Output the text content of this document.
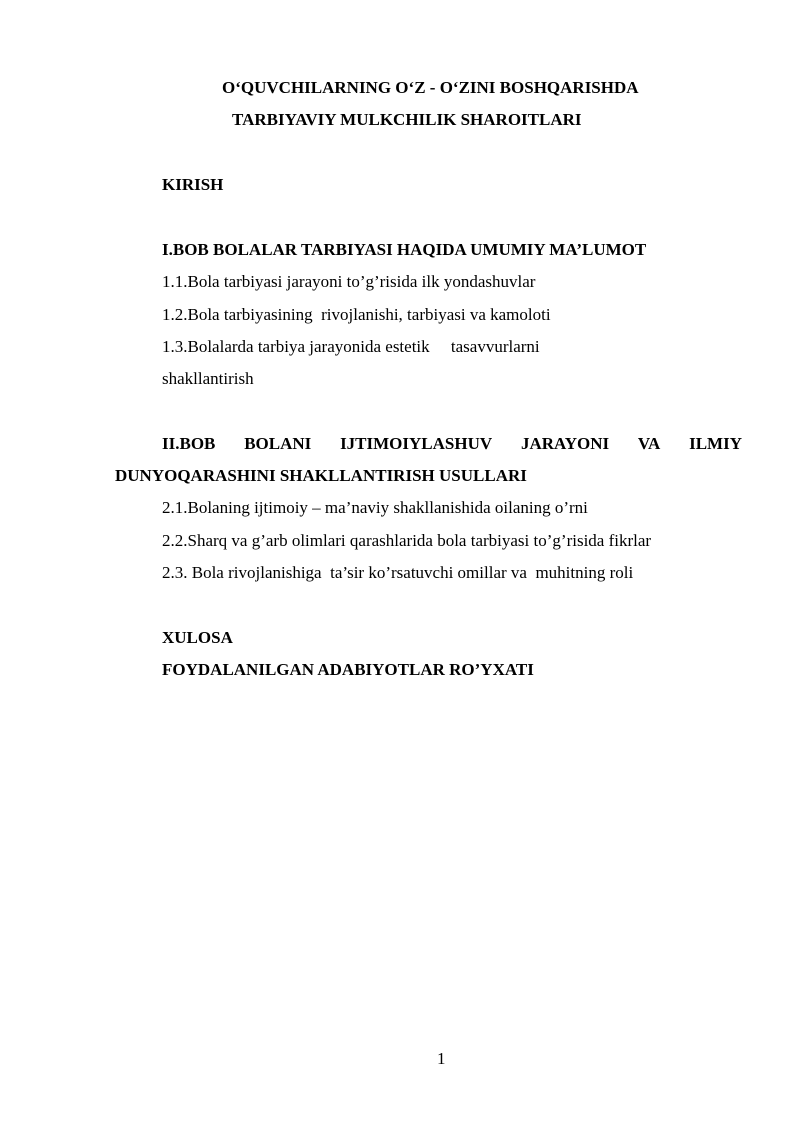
O‘QUVCHILARNING O‘Z - O‘ZINI BOSHQARISHDA
TARBIYAVIY MULKCHILIK SHAROITLARI
KIRISH
I.BOB BOLALAR TARBIYASI HAQIDA UMUMIY MA’LUMOT
1.1.Bola tarbiyasi jarayoni to’g’risida ilk yondashuvlar
1.2.Bola tarbiyasining  rivojlanishi, tarbiyasi va kamoloti
1.3.Bolalarda tarbiya jarayonida estetik     tasavvurlarni
shakllantirish
II.BOB BOLANI IJTIMOIYLASHUV JARAYONI VA ILMIY
DUNYOQARASHINI SHAKLLANTIRISH USULLARI
2.1.Bolaning ijtimoiy – ma’naviy shakllanishida oilaning o’rni
2.2.Sharq va g’arb olimlari qarashlarida bola tarbiyasi to’g’risida fikrlar
2.3. Bola rivojlanishiga  ta’sir ko’rsatuvchi omillar va  muhitning roli
XULOSA
FOYDALANILGAN ADABIYOTLAR RO’YXATI
1
